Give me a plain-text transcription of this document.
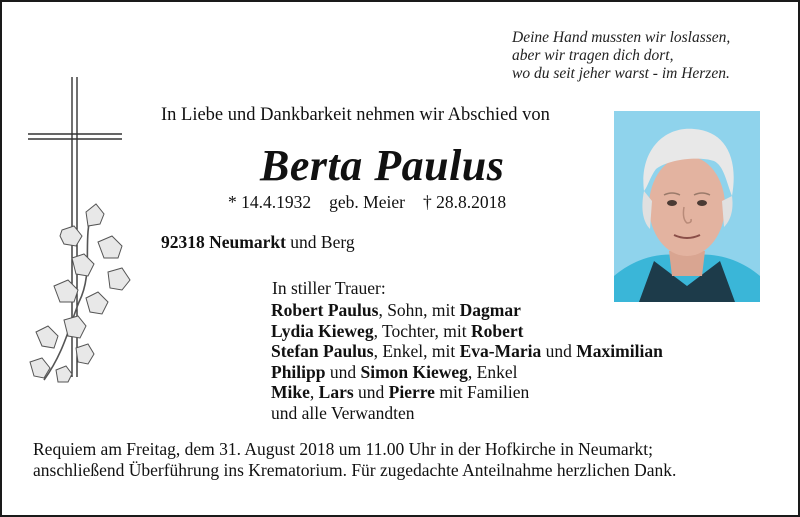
Deine Hand mussten wir loslassen,
aber wir tragen dich dort,
wo du seit jeher warst - im Herzen.
In Liebe und Dankbarkeit nehmen wir Abschied von
Berta Paulus
* 14.4.1932 geb. Meier † 28.8.2018
92318 Neumarkt und Berg
In stiller Trauer:
Robert Paulus, Sohn, mit Dagmar
Lydia Kieweg, Tochter, mit Robert
Stefan Paulus, Enkel, mit Eva-Maria und Maximilian
Philipp und Simon Kieweg, Enkel
Mike, Lars und Pierre mit Familien
und alle Verwandten
Requiem am Freitag, dem 31. August 2018 um 11.00 Uhr in der Hofkirche in Neumarkt;
anschließend Überführung ins Krematorium. Für zugedachte Anteilnahme herzlichen Dank.
